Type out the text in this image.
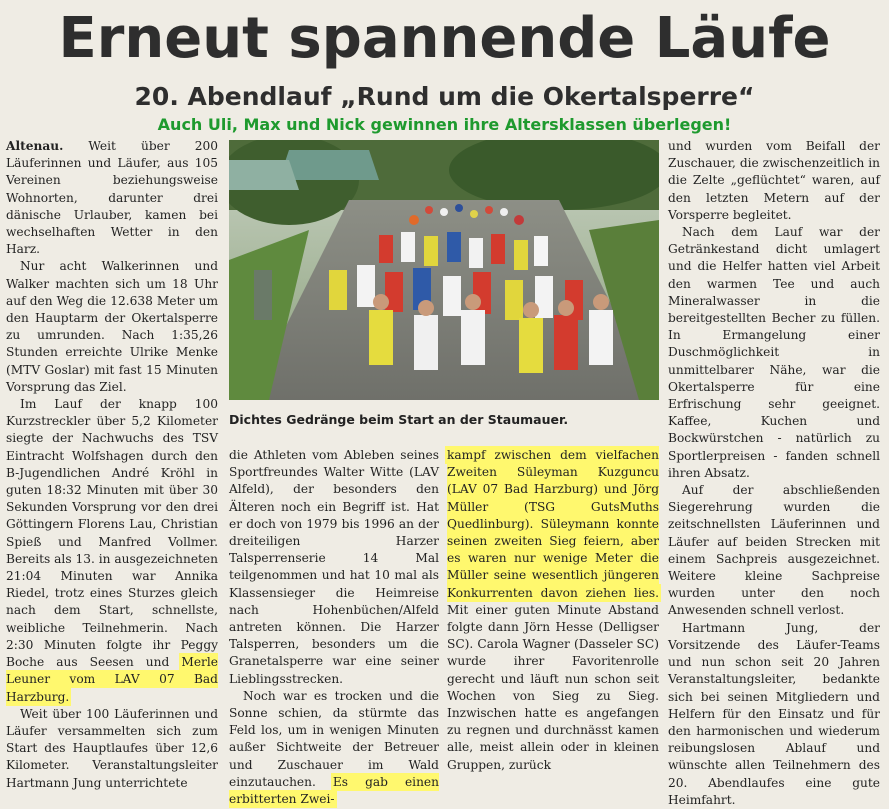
Erneut spannende Läufe
20. Abendlauf „Rund um die Okertalsperre“
Auch Uli, Max und Nick gewinnen ihre Altersklassen überlegen!

Altenau. Weit über 200 Läuferinnen und Läufer, aus 105 Vereinen beziehungsweise Wohnorten, darunter drei dänische Urlauber, kamen bei wechselhaften Wetter in den Harz.

Nur acht Walkerinnen und Walker machten sich um 18 Uhr auf den Weg die 12.638 Meter um den Hauptarm der Okertalsperre zu umrunden. Nach 1:35,26 Stunden erreichte Ulrike Menke (MTV Goslar) mit fast 15 Minuten Vorsprung das Ziel.

Im Lauf der knapp 100 Kurzstreckler über 5,2 Kilometer siegte der Nachwuchs des TSV Eintracht Wolfshagen durch den B-Jugendlichen André Kröhl in guten 18:32 Minuten mit über 30 Sekunden Vorsprung vor den drei Göttingern Florens Lau, Christian Spieß und Manfred Vollmer. Bereits als 13. in ausgezeichneten 21:04 Minuten war Annika Riedel, trotz eines Sturzes gleich nach dem Start, schnellste, weibliche Teilnehmerin. Nach 2:30 Minuten folgte ihr Peggy Boche aus Seesen und Merle Leuner vom LAV 07 Bad Harzburg.

Weit über 100 Läuferinnen und Läufer versammelten sich zum Start des Hauptlaufes über 12,6 Kilometer. Veranstaltungsleiter Hartmann Jung unterrichtete

Dichtes Gedränge beim Start an der Staumauer.

die Athleten vom Ableben seines Sportfreundes Walter Witte (LAV Alfeld), der besonders den Älteren noch ein Begriff ist. Hat er doch von 1979 bis 1996 an der dreiteiligen Harzer Talsperrenserie 14 Mal teilgenommen und hat 10 mal als Klassensieger die Heimreise nach Hohenbüchen/Alfeld antreten können. Die Harzer Talsperren, besonders um die Granetalsperre war eine seiner Lieblingsstrecken.

Noch war es trocken und die Sonne schien, da stürmte das Feld los, um in wenigen Minuten außer Sichtweite der Betreuer und Zuschauer im Wald einzutauchen. Es gab einen erbitterten Zwei-

kampf zwischen dem vielfachen Zweiten Süleyman Kuzguncu (LAV 07 Bad Harzburg) und Jörg Müller (TSG GutsMuths Quedlinburg). Süleymann konnte seinen zweiten Sieg feiern, aber es waren nur wenige Meter die Müller seine wesentlich jüngeren Konkurrenten davon ziehen lies. Mit einer guten Minute Abstand folgte dann Jörn Hesse (Delligser SC). Carola Wagner (Dasseler SC) wurde ihrer Favoritenrolle gerecht und läuft nun schon seit Wochen von Sieg zu Sieg. Inzwischen hatte es angefangen zu regnen und durchnässt kamen alle, meist allein oder in kleinen Gruppen, zurück

und wurden vom Beifall der Zuschauer, die zwischenzeitlich in die Zelte „geflüchtet“ waren, auf den letzten Metern auf der Vorsperre begleitet.

Nach dem Lauf war der Getränkestand dicht umlagert und die Helfer hatten viel Arbeit den warmen Tee und auch Mineralwasser in die bereitgestellten Becher zu füllen. In Ermangelung einer Duschmöglichkeit in unmittelbarer Nähe, war die Okertalsperre für eine Erfrischung sehr geeignet. Kaffee, Kuchen und Bockwürstchen - natürlich zu Sportlerpreisen - fanden schnell ihren Absatz.

Auf der abschließenden Siegerehrung wurden die zeitschnellsten Läuferinnen und Läufer auf beiden Strecken mit einem Sachpreis ausgezeichnet. Weitere kleine Sachpreise wurden unter den noch Anwesenden schnell verlost.

Hartmann Jung, der Vorsitzende des Läufer-Teams und nun schon seit 20 Jahren Veranstaltungsleiter, bedankte sich bei seinen Mitgliedern und Helfern für den Einsatz und für den harmonischen und wiederum reibungslosen Ablauf und wünschte allen Teilnehmern des 20. Abendlaufes eine gute Heimfahrt.
